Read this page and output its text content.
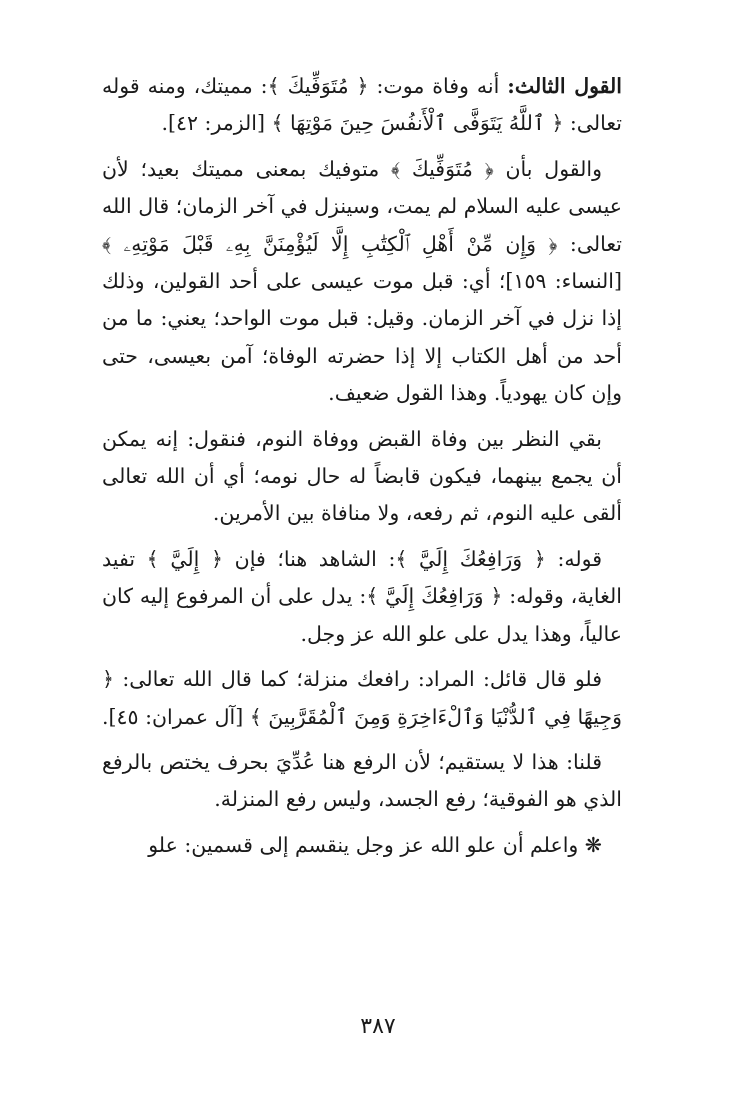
القول الثالث: أنه وفاة موت: ﴿ مُتَوَفِّيكَ ﴾: مميتك، ومنه قوله تعالى: ﴿ ٱللَّهُ يَتَوَفَّى ٱلْأَنفُسَ حِينَ مَوْتِهَا ﴾ [الزمر: ٤٢].

والقول بأن ﴿ مُتَوَفِّيكَ ﴾ متوفيك بمعنى مميتك بعيد؛ لأن عيسى عليه السلام لم يمت، وسينزل في آخر الزمان؛ قال الله تعالى: ﴿ وَإِن مِّنْ أَهْلِ ٱلْكِتَٰبِ إِلَّا لَيُؤْمِنَنَّ بِهِۦ قَبْلَ مَوْتِهِۦ ﴾ [النساء: ١٥٩]؛ أي: قبل موت عيسى على أحد القولين، وذلك إذا نزل في آخر الزمان. وقيل: قبل موت الواحد؛ يعني: ما من أحد من أهل الكتاب إلا إذا حضرته الوفاة؛ آمن بعيسى، حتى وإن كان يهودياً. وهذا القول ضعيف.

بقي النظر بين وفاة القبض ووفاة النوم، فنقول: إنه يمكن أن يجمع بينهما، فيكون قابضاً له حال نومه؛ أي أن الله تعالى ألقى عليه النوم، ثم رفعه، ولا منافاة بين الأمرين.

قوله: ﴿ وَرَافِعُكَ إِلَيَّ ﴾: الشاهد هنا؛ فإن ﴿ إِلَيَّ ﴾ تفيد الغاية، وقوله: ﴿ وَرَافِعُكَ إِلَيَّ ﴾: يدل على أن المرفوع إليه كان عالياً، وهذا يدل على علو الله عز وجل.

فلو قال قائل: المراد: رافعك منزلة؛ كما قال الله تعالى: ﴿ وَجِيهًا فِي ٱلدُّنْيَا وَٱلْءَاخِرَةِ وَمِنَ ٱلْمُقَرَّبِينَ ﴾ [آل عمران: ٤٥].

قلنا: هذا لا يستقيم؛ لأن الرفع هنا عُدِّيَ بحرف يختص بالرفع الذي هو الفوقية؛ رفع الجسد، وليس رفع المنزلة.

❋ واعلم أن علو الله عز وجل ينقسم إلى قسمين: علو

٣٨٧
